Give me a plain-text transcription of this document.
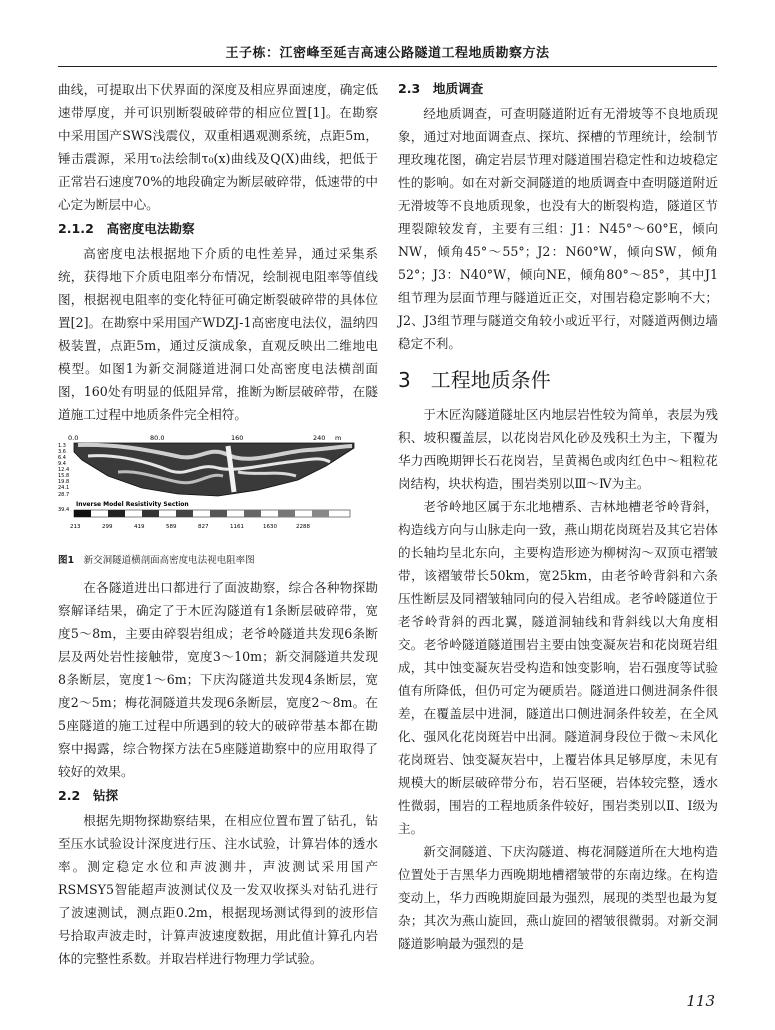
王子栋：江密峰至延吉高速公路隧道工程地质勘察方法

曲线，可提取出下伏界面的深度及相应界面速度，确定低速带厚度，并可识别断裂破碎带的相应位置[1]。在勘察中采用国产SWS浅震仪，双重相遇观测系统，点距5m，锤击震源，采用τ₀法绘制τ₀(x)曲线及Q(X)曲线，把低于正常岩石速度70%的地段确定为断层破碎带，低速带的中心定为断层中心。

2.1.2　高密度电法勘察

高密度电法根据地下介质的电性差异，通过采集系统，获得地下介质电阻率分布情况，绘制视电阻率等值线图，根据视电阻率的变化特征可确定断裂破碎带的具体位置[2]。在勘察中采用国产WDZJ-1高密度电法仪，温纳四极装置，点距5m，通过反演成象，直观反映出二维地电模型。如图1为新交洞隧道进洞口处高密度电法横剖面图，160处有明显的低阻异常，推断为断层破碎带，在隧道施工过程中地质条件完全相符。

0.0	80.0	160	240 m
1.3
3.6
6.4
9.4
12.4
15.8
19.8
24.1
28.7
39.4
Inverse Model Resistivity Section
213	299	419	589	827	1161	1630	2288
图1  新交洞隧道横剖面高密度电法视电阻率图

在各隧道进出口都进行了面波勘察，综合各种物探勘察解译结果，确定了于木匠沟隧道有1条断层破碎带，宽度5～8m，主要由碎裂岩组成；老爷岭隧道共发现6条断层及两处岩性接触带，宽度3～10m；新交洞隧道共发现8条断层，宽度1～6m；下庆沟隧道共发现4条断层，宽度2～5m；梅花洞隧道共发现6条断层，宽度2～8m。在5座隧道的施工过程中所遇到的较大的破碎带基本都在勘察中揭露，综合物探方法在5座隧道勘察中的应用取得了较好的效果。

2.2　钻探

根据先期物探勘察结果，在相应位置布置了钻孔，钻至压水试验设计深度进行压、注水试验，计算岩体的透水率。测定稳定水位和声波测井，声波测试采用国产RSMSY5智能超声波测试仪及一发双收探头对钻孔进行了波速测试，测点距0.2m，根据现场测试得到的波形信号拾取声波走时，计算声波速度数据，用此值计算孔内岩体的完整性系数。并取岩样进行物理力学试验。

2.3　地质调查

经地质调查，可查明隧道附近有无滑坡等不良地质现象，通过对地面调查点、探坑、探槽的节理统计，绘制节理玫瑰花图，确定岩层节理对隧道围岩稳定性和边坡稳定性的影响。如在对新交洞隧道的地质调查中查明隧道附近无滑坡等不良地质现象，也没有大的断裂构造，隧道区节理裂隙较发育，主要有三组：J1：N45°～60°E，倾向NW，倾角45°～55°；J2：N60°W，倾向SW，倾角52°；J3：N40°W，倾向NE，倾角80°～85°，其中J1组节理为层面节理与隧道近正交，对围岩稳定影响不大；J2、J3组节理与隧道交角较小或近平行，对隧道两侧边墙稳定不利。

3　工程地质条件

于木匠沟隧道隧址区内地层岩性较为简单，表层为残积、坡积覆盖层，以花岗岩风化砂及残积土为主，下覆为华力西晚期钾长石花岗岩，呈黄褐色或肉红色中～粗粒花岗结构，块状构造，围岩类别以Ⅲ～Ⅳ为主。

老爷岭地区属于东北地槽系、吉林地槽老爷岭背斜，构造线方向与山脉走向一致，燕山期花岗斑岩及其它岩体的长轴均呈北东向，主要构造形迹为柳树沟～双顶屯褶皱带，该褶皱带长50km，宽25km，由老爷岭背斜和六条压性断层及同褶皱轴同向的侵入岩组成。老爷岭隧道位于老爷岭背斜的西北翼，隧道洞轴线和背斜线以大角度相交。老爷岭隧道隧道围岩主要由蚀变凝灰岩和花岗斑岩组成，其中蚀变凝灰岩受构造和蚀变影响，岩石强度等试验值有所降低，但仍可定为硬质岩。隧道进口侧进洞条件很差，在覆盖层中进洞，隧道出口侧进洞条件较差，在全风化、强风化花岗斑岩中出洞。隧道洞身段位于微～未风化花岗斑岩、蚀变凝灰岩中，上覆岩体具足够厚度，未见有规模大的断层破碎带分布，岩石坚硬，岩体较完整，透水性微弱，围岩的工程地质条件较好，围岩类别以Ⅱ、Ⅰ级为主。

新交洞隧道、下庆沟隧道、梅花洞隧道所在大地构造位置处于吉黑华力西晚期地槽褶皱带的东南边缘。在构造变动上，华力西晚期旋回最为强烈，展现的类型也最为复杂；其次为燕山旋回，燕山旋回的褶皱很微弱。对新交洞隧道影响最为强烈的是

113
